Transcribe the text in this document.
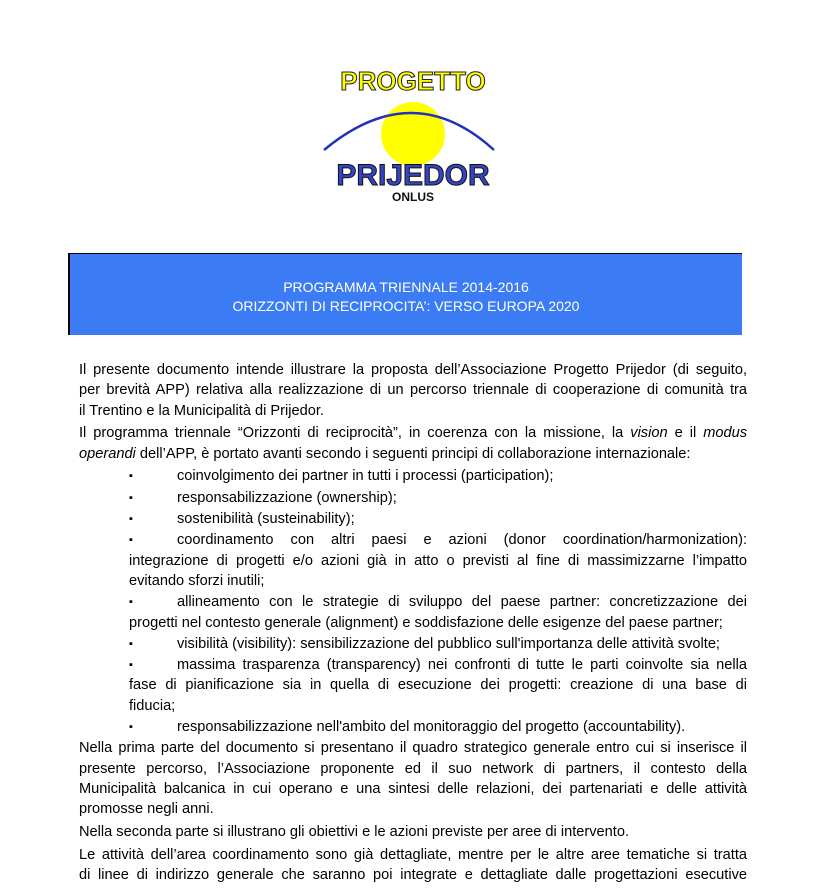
PROGETTO
PRIJEDOR
ONLUS
PROGRAMMA TRIENNALE 2014-2016
ORIZZONTI DI RECIPROCITA’: VERSO EUROPA 2020

Il presente documento intende illustrare la proposta dell’Associazione Progetto Prijedor (di seguito,
per brevità APP) relativa alla realizzazione di un percorso triennale di cooperazione di comunità tra
il Trentino e la Municipalità di Prijedor.

Il programma triennale “Orizzonti di reciprocità”, in coerenza con la missione, la vision e il modus
operandi dell’APP, è portato avanti secondo i seguenti principi di collaborazione internazionale:

▪	coinvolgimento dei partner in tutti i processi (participation);
▪	responsabilizzazione (ownership);
▪	sostenibilità (susteinability);
▪	coordinamento con altri paesi e azioni (donor coordination/harmonization):
integrazione di progetti e/o azioni già in atto o previsti al fine di massimizzarne l’impatto
evitando sforzi inutili;
▪	allineamento con le strategie di sviluppo del paese partner: concretizzazione dei
progetti nel contesto generale (alignment) e soddisfazione delle esigenze del paese partner;
▪	visibilità (visibility): sensibilizzazione del pubblico sull'importanza delle attività svolte;
▪	massima trasparenza (transparency) nei confronti di tutte le parti coinvolte sia nella
fase di pianificazione sia in quella di esecuzione dei progetti: creazione di una base di
fiducia;
▪	responsabilizzazione nell'ambito del monitoraggio del progetto (accountability).

Nella prima parte del documento si presentano il quadro strategico generale entro cui si inserisce il
presente percorso, l’Associazione proponente ed il suo network di partners, il contesto della
Municipalità balcanica in cui operano e una sintesi delle relazioni, dei partenariati e delle attività
promosse negli anni.

Nella seconda parte si illustrano gli obiettivi e le azioni previste per aree di intervento.

Le attività dell’area coordinamento sono già dettagliate, mentre per le altre aree tematiche si tratta
di linee di indirizzo generale che saranno poi integrate e dettagliate dalle progettazioni esecutive
